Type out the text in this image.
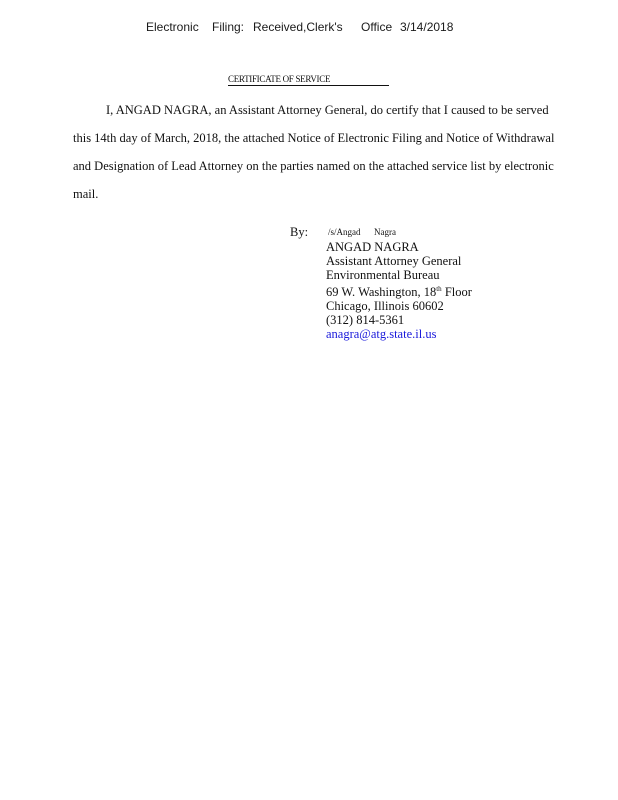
Electronic Filing: Received,Clerk's Office 3/14/2018
CERTIFICATE OF SERVICE
I, ANGAD NAGRA, an Assistant Attorney General, do certify that I caused to be served
this 14th day of March, 2018, the attached Notice of Electronic Filing and Notice of Withdrawal
and Designation of Lead Attorney on the parties named on the attached service list by electronic
mail.
By: /s/Angad Nagra
ANGAD NAGRA
Assistant Attorney General
Environmental Bureau
69 W. Washington, 18th Floor
Chicago, Illinois 60602
(312) 814-5361
anagra@atg.state.il.us
